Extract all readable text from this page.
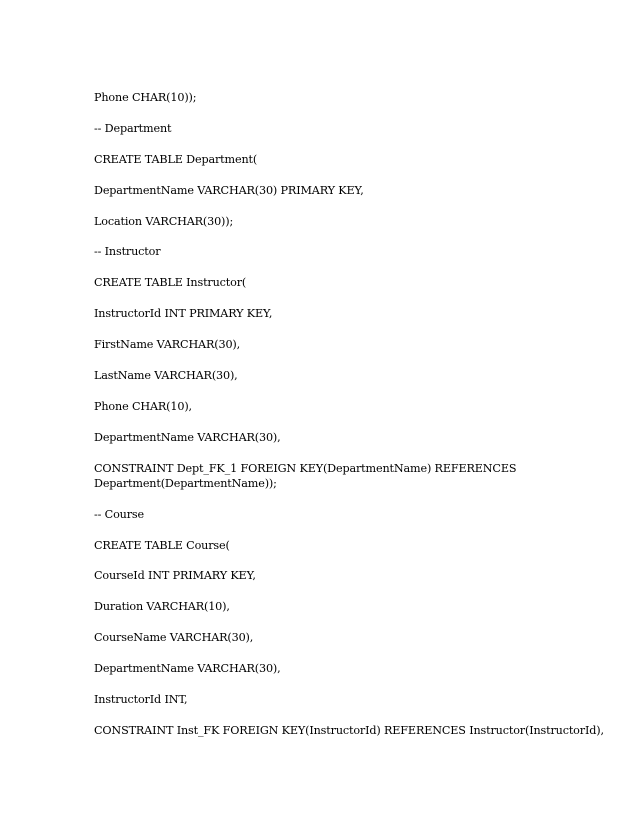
Phone CHAR(10));

-- Department

CREATE TABLE Department(

DepartmentName VARCHAR(30) PRIMARY KEY,

Location VARCHAR(30));

-- Instructor

CREATE TABLE Instructor(

InstructorId INT PRIMARY KEY,

FirstName VARCHAR(30),

LastName VARCHAR(30),

Phone CHAR(10),

DepartmentName VARCHAR(30),

CONSTRAINT Dept_FK_1 FOREIGN KEY(DepartmentName) REFERENCES
Department(DepartmentName));

-- Course

CREATE TABLE Course(

CourseId INT PRIMARY KEY,

Duration VARCHAR(10),

CourseName VARCHAR(30),

DepartmentName VARCHAR(30),

InstructorId INT,

CONSTRAINT Inst_FK FOREIGN KEY(InstructorId) REFERENCES Instructor(InstructorId),
